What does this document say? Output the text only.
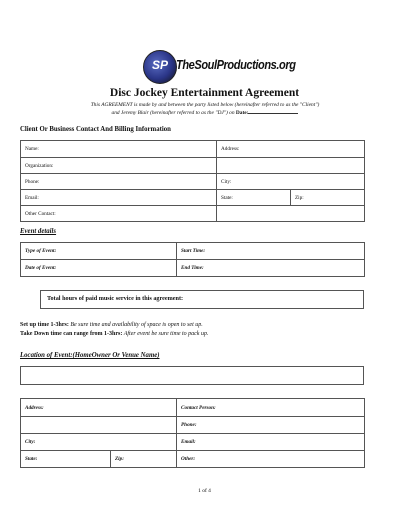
SP TheSoulProductions.org
Disc Jockey Entertainment Agreement
This AGREEMENT is made by and between the party listed below (hereinafter referred to as the "Client")
and Jeremy Blair (hereinafter referred to as the "DJ") on Date:
Client Or Business Contact And Billing Information
Name:	Address:	
Organization:		
Phone:	City:	
Email:	State:	Zip:
Other Contact:		
Event details
Type of Event:	Start Time:
Date of Event:	End Time:
Total hours of paid music service in this agreement:
Set up time 1-3hrs: Be sure time and availability of space is open to set up.
Take Down time can range from 1-3hrs: After event be sure time to pack up.
Location of Event:(HomeOwner Or Venue Name)
Address:		Contact Person:
		Phone:
City:		Email:
State:	Zip:	Other:
1 of 4
